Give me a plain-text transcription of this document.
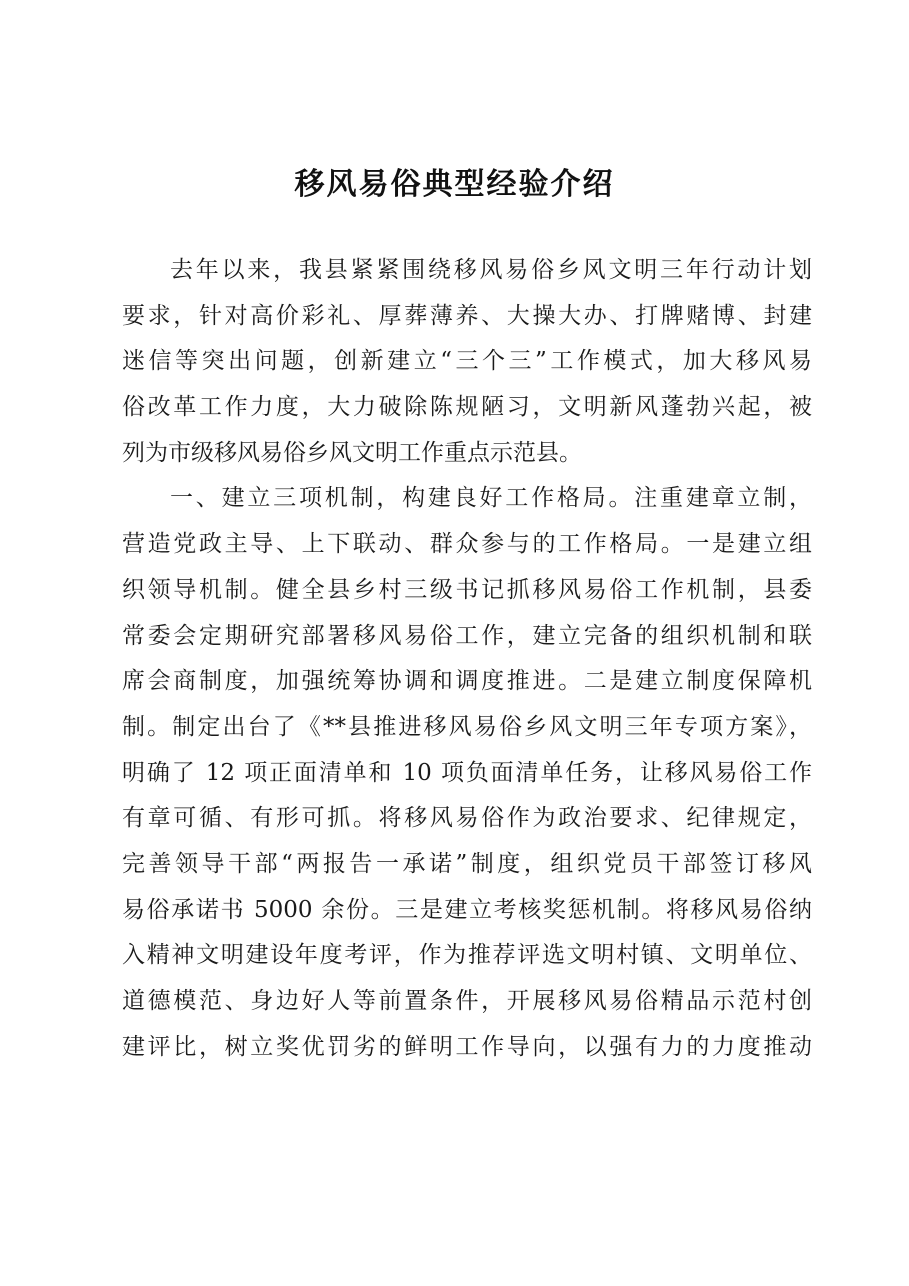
移风易俗典型经验介绍
去年以来，我县紧紧围绕移风易俗乡风文明三年行动计划
要求，针对高价彩礼、厚葬薄养、大操大办、打牌赌博、封建
迷信等突出问题，创新建立“三个三”工作模式，加大移风易
俗改革工作力度，大力破除陈规陋习，文明新风蓬勃兴起，被
列为市级移风易俗乡风文明工作重点示范县。
一、建立三项机制，构建良好工作格局。注重建章立制，
营造党政主导、上下联动、群众参与的工作格局。一是建立组
织领导机制。健全县乡村三级书记抓移风易俗工作机制，县委
常委会定期研究部署移风易俗工作，建立完备的组织机制和联
席会商制度，加强统筹协调和调度推进。二是建立制度保障机
制。制定出台了《**县推进移风易俗乡风文明三年专项方案》，
明确了 12 项正面清单和 10 项负面清单任务，让移风易俗工作
有章可循、有形可抓。将移风易俗作为政治要求、纪律规定，
完善领导干部“两报告一承诺”制度，组织党员干部签订移风
易俗承诺书 5000 余份。三是建立考核奖惩机制。将移风易俗纳
入精神文明建设年度考评，作为推荐评选文明村镇、文明单位、
道德模范、身边好人等前置条件，开展移风易俗精品示范村创
建评比，树立奖优罚劣的鲜明工作导向，以强有力的力度推动
